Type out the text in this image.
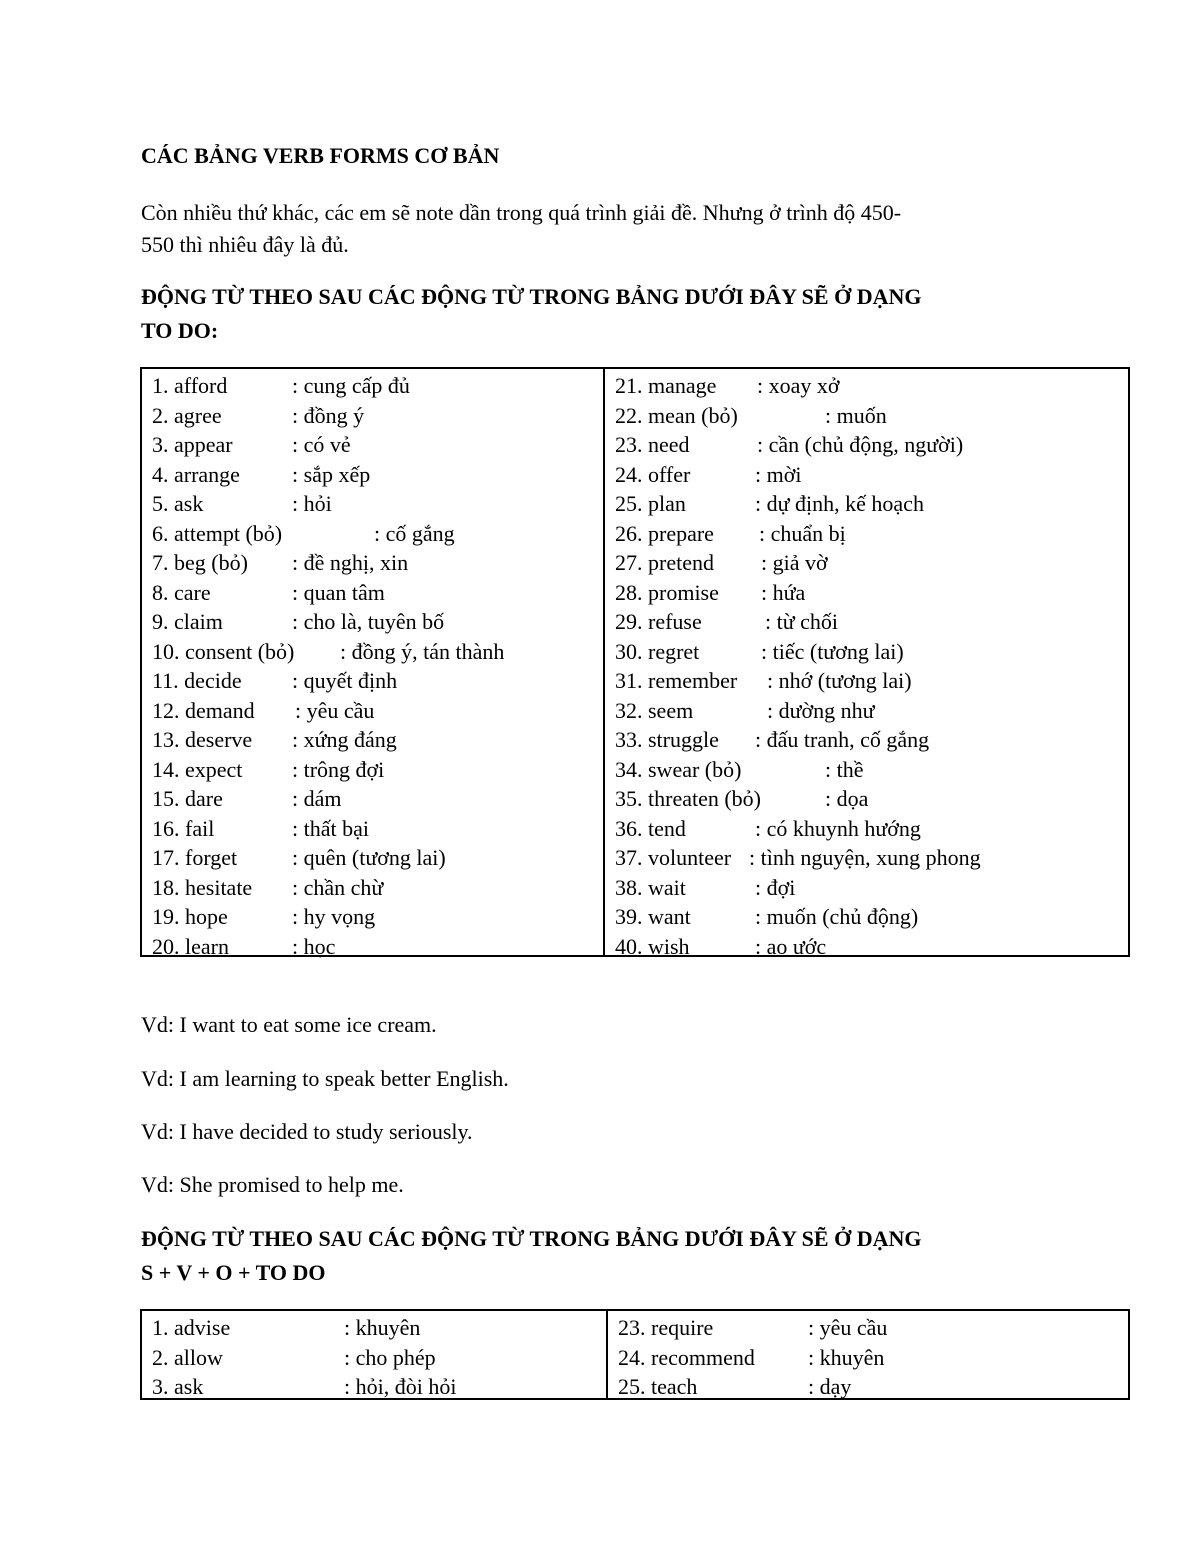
CÁC BẢNG VERB FORMS CƠ BẢN
Còn nhiều thứ khác, các em sẽ note dần trong quá trình giải đề. Nhưng ở trình độ 450-
550 thì nhiêu đây là đủ.
ĐỘNG TỪ THEO SAU CÁC ĐỘNG TỪ TRONG BẢNG DƯỚI ĐÂY SẼ Ở DẠNG
TO DO:
1. afford	: cung cấp đủ
2. agree	: đồng ý
3. appear	: có vẻ
4. arrange : sắp xếp
5. ask	: hỏi
6. attempt (bỏ)	: cố gắng
7. beg (bỏ) : đề nghị, xin
8. care	: quan tâm
9. claim	: cho là, tuyên bố
10. consent (bỏ) : đồng ý, tán thành
11. decide : quyết định
12. demand : yêu cầu
13. deserve : xứng đáng
14. expect : trông đợi
15. dare	: dám
16. fail	: thất bại
17. forget : quên (tương lai)
18. hesitate : chần chừ
19. hope	: hy vọng
20. learn	: học
21. manage : xoay xở
22. mean (bỏ)	: muốn
23. need	: cần (chủ động, người)
24. offer	: mời
25. plan	: dự định, kế hoạch
26. prepare : chuẩn bị
27. pretend : giả vờ
28. promise : hứa
29. refuse	: từ chối
30. regret	: tiếc (tương lai)
31. remember : nhớ (tương lai)
32. seem	: dường như
33. struggle : đấu tranh, cố gắng
34. swear (bỏ)	: thề
35. threaten (bỏ)	: dọa
36. tend	: có khuynh hướng
37. volunteer : tình nguyện, xung phong
38. wait	: đợi
39. want	: muốn (chủ động)
40. wish	: ao ước
Vd: I want to eat some ice cream.
Vd: I am learning to speak better English.
Vd: I have decided to study seriously.
Vd: She promised to help me.
ĐỘNG TỪ THEO SAU CÁC ĐỘNG TỪ TRONG BẢNG DƯỚI ĐÂY SẼ Ở DẠNG
S + V + O + TO DO
1. advise	: khuyên
2. allow	: cho phép
3. ask	: hỏi, đòi hỏi
23. require	: yêu cầu
24. recommend : khuyên
25. teach	: dạy
